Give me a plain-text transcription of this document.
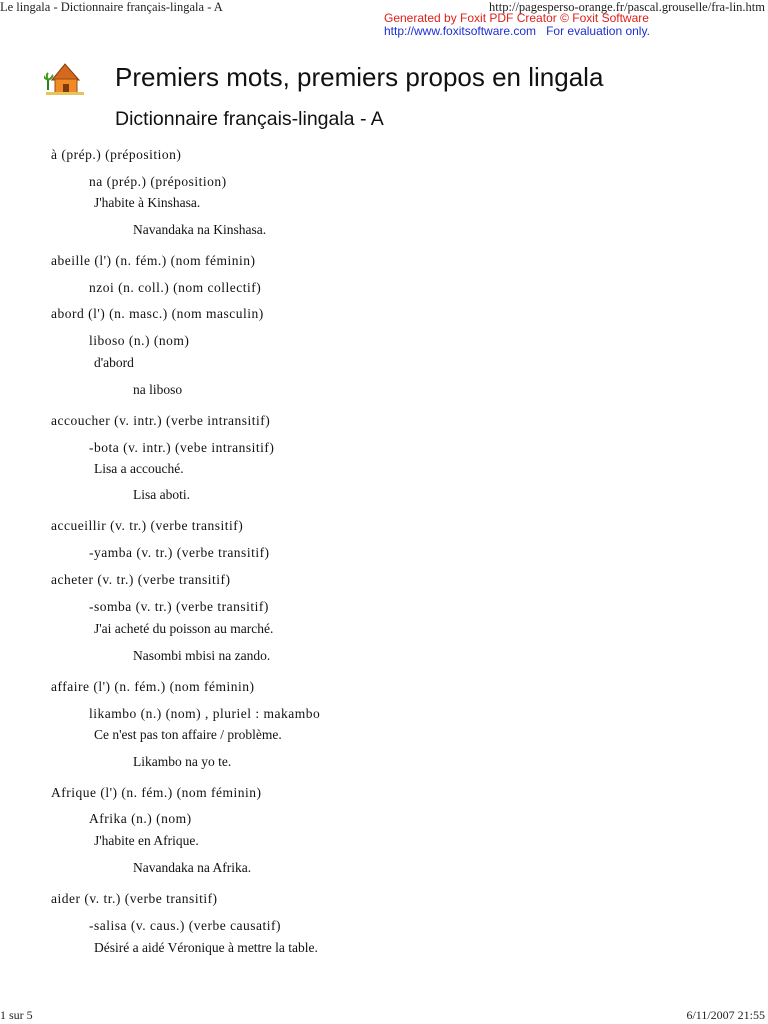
Le lingala - Dictionnaire français-lingala - A	http://pagesperso-orange.fr/pascal.grouselle/fra-lin.htm
Generated by Foxit PDF Creator © Foxit Software
http://www.foxitsoftware.com For evaluation only.
Premiers mots, premiers propos en lingala
Dictionnaire français-lingala - A
à (prép.) (préposition)
na (prép.) (préposition)
J'habite à Kinshasa.
Navandaka na Kinshasa.
abeille (l') (n. fém.) (nom féminin)
nzoi (n. coll.) (nom collectif)
abord (l') (n. masc.) (nom masculin)
liboso (n.) (nom)
d'abord
na liboso
accoucher (v. intr.) (verbe intransitif)
-bota (v. intr.) (vebe intransitif)
Lisa a accouché.
Lisa aboti.
accueillir (v. tr.) (verbe transitif)
-yamba (v. tr.) (verbe transitif)
acheter (v. tr.) (verbe transitif)
-somba (v. tr.) (verbe transitif)
J'ai acheté du poisson au marché.
Nasombi mbisi na zando.
affaire (l') (n. fém.) (nom féminin)
likambo (n.) (nom) , pluriel : makambo
Ce n'est pas ton affaire / problème.
Likambo na yo te.
Afrique (l') (n. fém.) (nom féminin)
Afrika (n.) (nom)
J'habite en Afrique.
Navandaka na Afrika.
aider (v. tr.) (verbe transitif)
-salisa (v. caus.) (verbe causatif)
Désiré a aidé Véronique à mettre la table.
1 sur 5	6/11/2007 21:55
